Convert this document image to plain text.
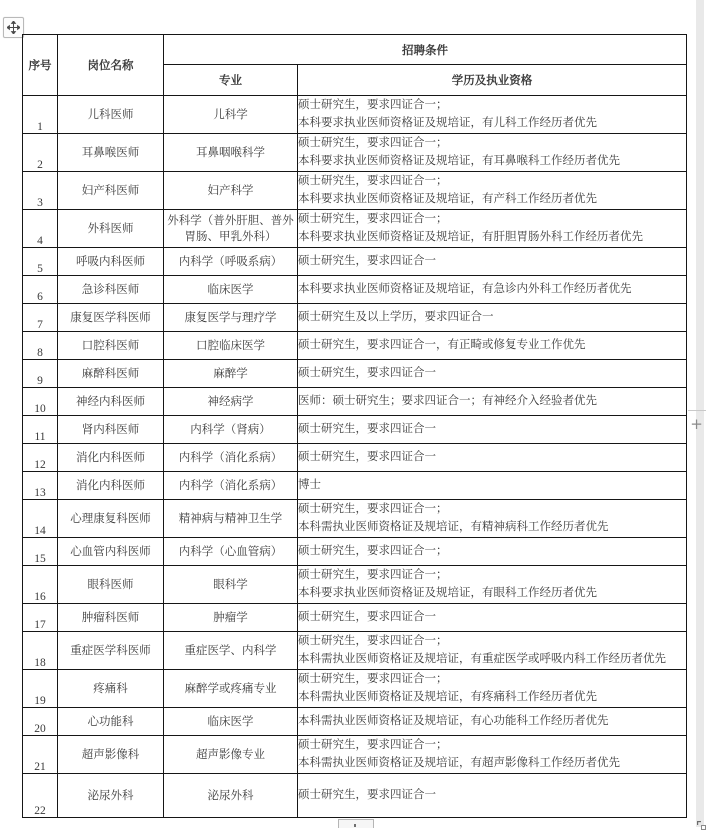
序号	岗位名称	招聘条件	
		专业	学历及执业资格
1	儿科医师	儿科学	硕士研究生，要求四证合一；
本科要求执业医师资格证及规培证，有儿科工作经历者优先

2	耳鼻喉医师	耳鼻咽喉科学	硕士研究生，要求四证合一；
本科要求执业医师资格证及规培证，有耳鼻喉科工作经历者优先

3	妇产科医师	妇产科学	硕士研究生，要求四证合一；
本科要求执业医师资格证及规培证，有产科工作经历者优先

4	外科医师	外科学（普外肝胆、普外胃肠、甲乳外科）	硕士研究生，要求四证合一；
本科要求执业医师资格证及规培证，有肝胆胃肠外科工作经历者优先

5	呼吸内科医师	内科学（呼吸系病）	硕士研究生，要求四证合一

6	急诊科医师	临床医学	本科要求执业医师资格证及规培证，有急诊内外科工作经历者优先

7	康复医学科医师	康复医学与理疗学	硕士研究生及以上学历，要求四证合一

8	口腔科医师	口腔临床医学	硕士研究生，要求四证合一，有正畸或修复专业工作优先

9	麻醉科医师	麻醉学	硕士研究生，要求四证合一

10	神经内科医师	神经病学	医师：硕士研究生；要求四证合一；有神经介入经验者优先

11	肾内科医师	内科学（肾病）	硕士研究生，要求四证合一

12	消化内科医师	内科学（消化系病）	硕士研究生，要求四证合一

13	消化内科医师	内科学（消化系病）	博士

14	心理康复科医师	精神病与精神卫生学	硕士研究生，要求四证合一；
本科需执业医师资格证及规培证，有精神病科工作经历者优先

15	心血管内科医师	内科学（心血管病）	硕士研究生，要求四证合一；

16	眼科医师	眼科学	硕士研究生，要求四证合一；
本科要求执业医师资格证及规培证，有眼科工作经历者优先

17	肿瘤科医师	肿瘤学	硕士研究生，要求四证合一

18	重症医学科医师	重症医学、内科学	硕士研究生，要求四证合一；
本科需执业医师资格证及规培证，有重症医学或呼吸内科工作经历者优先

19	疼痛科	麻醉学或疼痛专业	硕士研究生，要求四证合一；
本科需执业医师资格证及规培证，有疼痛科工作经历者优先

20	心功能科	临床医学	本科需执业医师资格证及规培证，有心功能科工作经历者优先

21	超声影像科	超声影像专业	硕士研究生，要求四证合一；
本科需执业医师资格证及规培证，有超声影像科工作经历者优先

22	泌尿外科	泌尿外科	硕士研究生，要求四证合一
+
